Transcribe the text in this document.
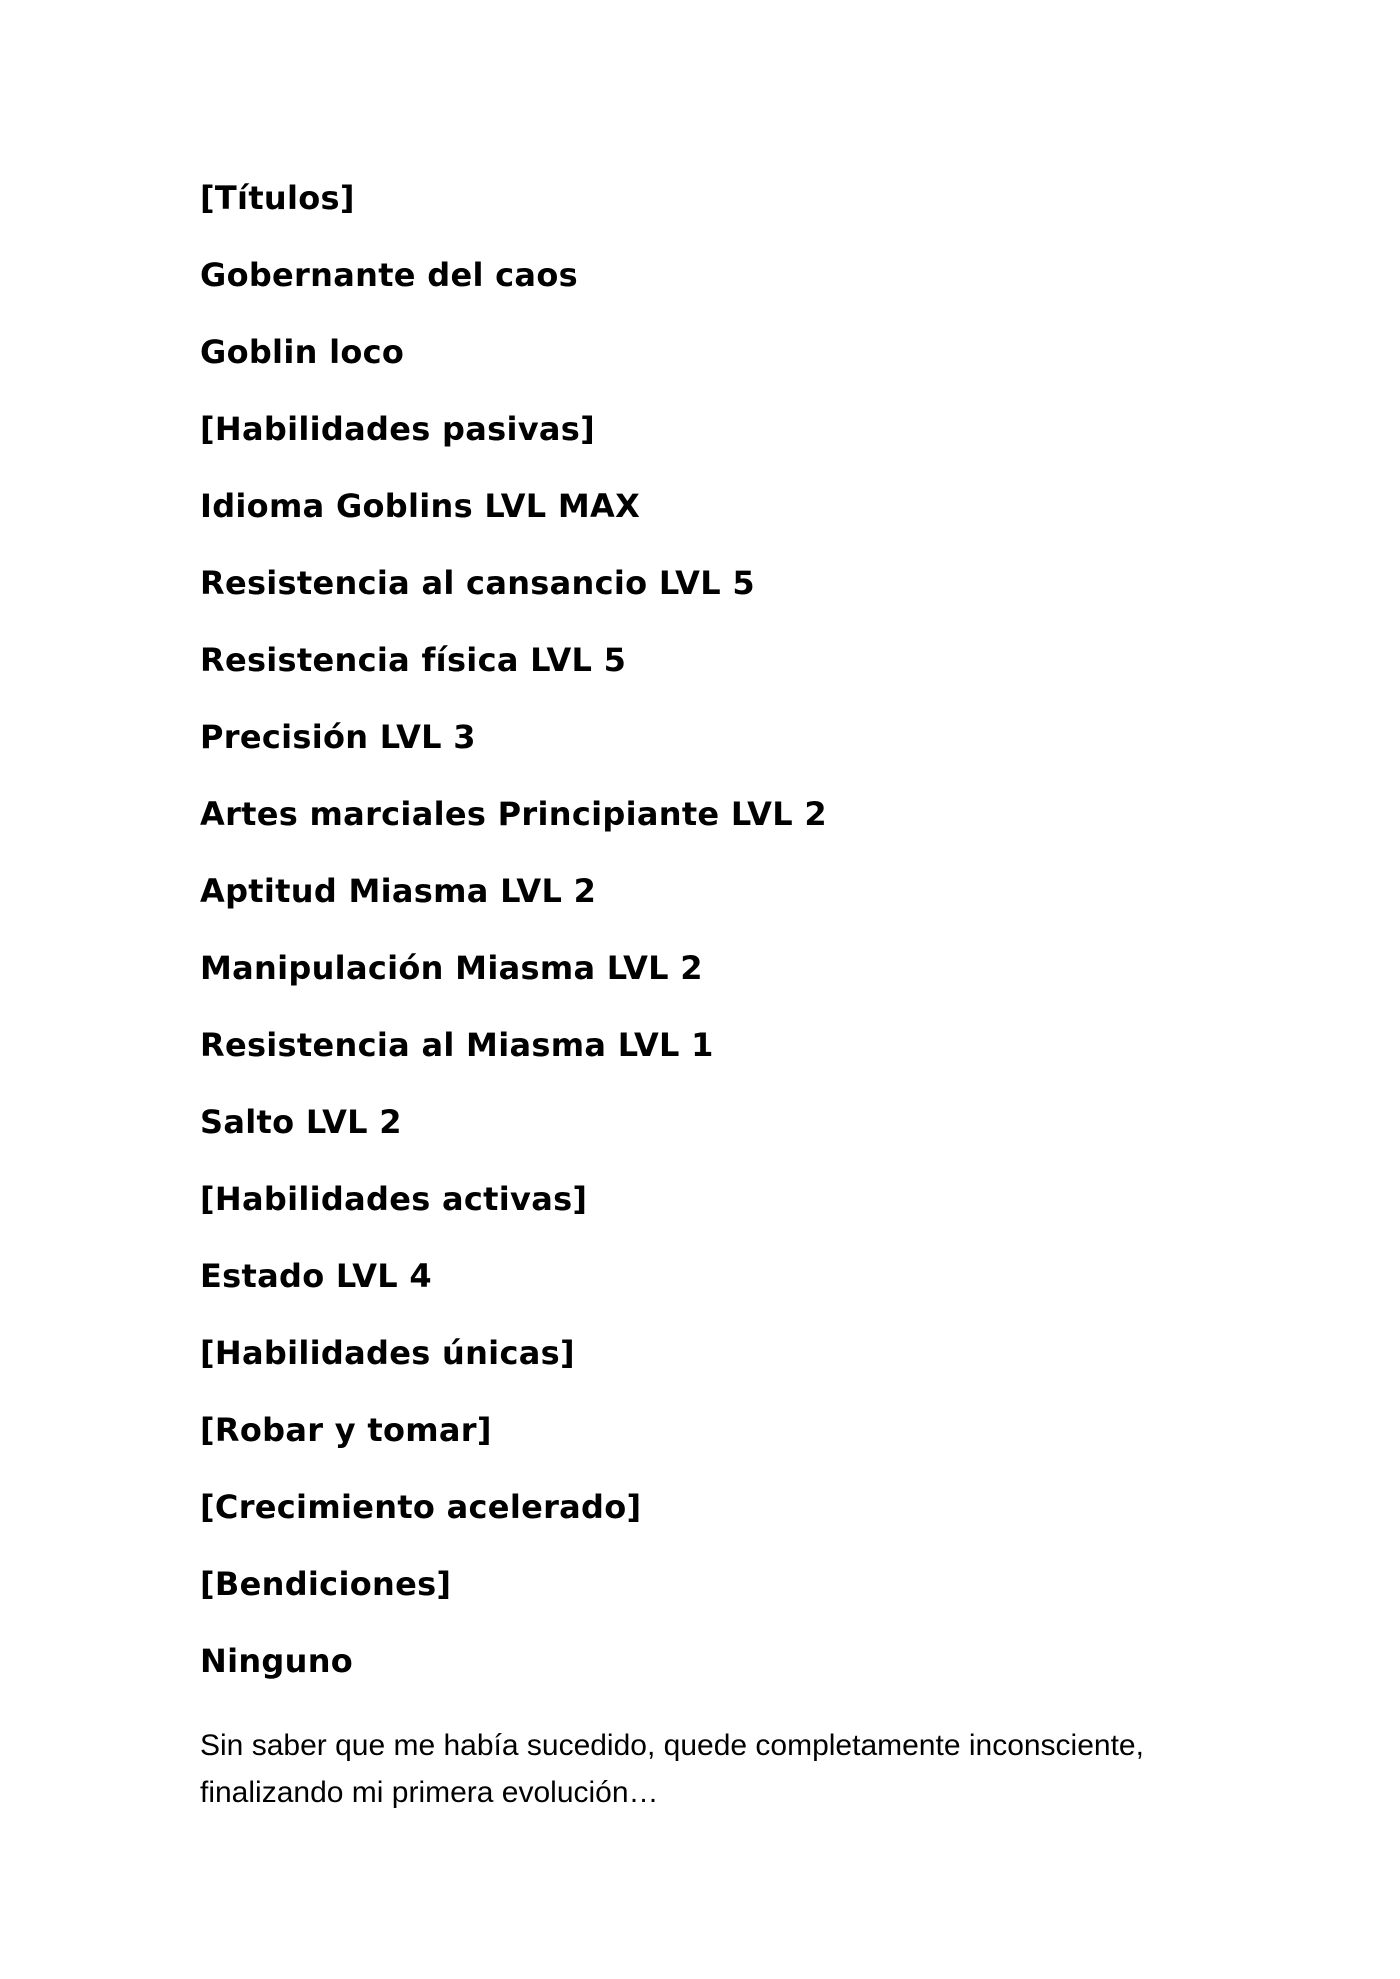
[Títulos]
Gobernante del caos
Goblin loco
[Habilidades pasivas]
Idioma Goblins LVL MAX
Resistencia al cansancio LVL 5
Resistencia física LVL 5
Precisión LVL 3
Artes marciales Principiante LVL 2
Aptitud Miasma LVL 2
Manipulación Miasma LVL 2
Resistencia al Miasma LVL 1
Salto LVL 2
[Habilidades activas]
Estado LVL 4
[Habilidades únicas]
[Robar y tomar]
[Crecimiento acelerado]
[Bendiciones]
Ninguno

Sin saber que me había sucedido, quede completamente inconsciente,

finalizando mi primera evolución…
